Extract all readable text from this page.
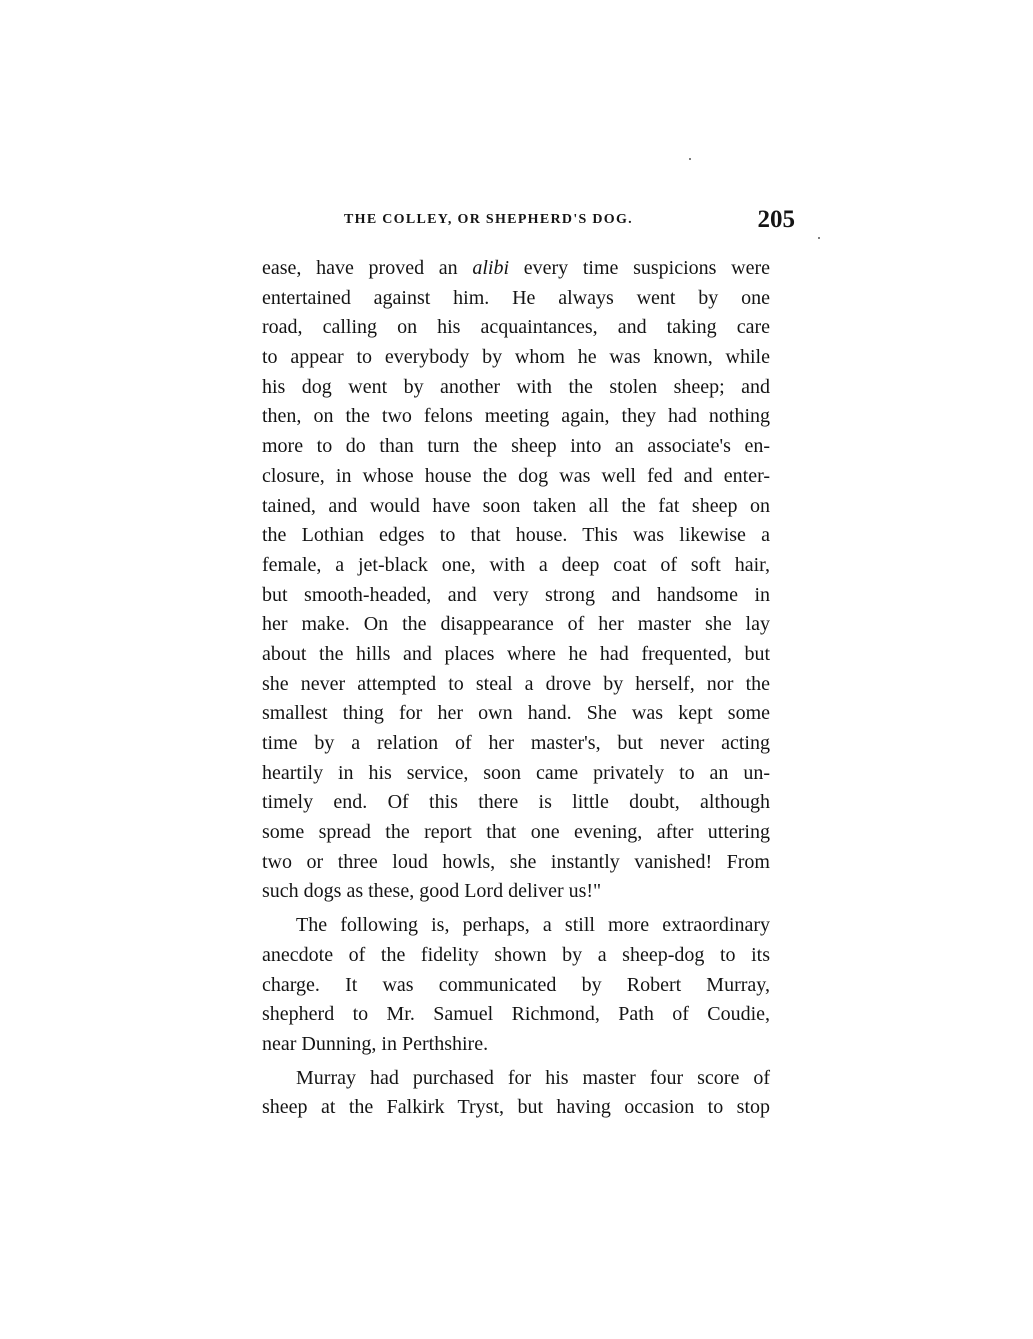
THE COLLEY, OR SHEPHERD'S DOG.	205
ease, have proved an alibi every time suspicions were
entertained against him. He always went by one
road, calling on his acquaintances, and taking care
to appear to everybody by whom he was known, while
his dog went by another with the stolen sheep; and
then, on the two felons meeting again, they had nothing
more to do than turn the sheep into an associate's en-
closure, in whose house the dog was well fed and enter-
tained, and would have soon taken all the fat sheep on
the Lothian edges to that house. This was likewise a
female, a jet-black one, with a deep coat of soft hair,
but smooth-headed, and very strong and handsome in
her make. On the disappearance of her master she lay
about the hills and places where he had frequented, but
she never attempted to steal a drove by herself, nor the
smallest thing for her own hand. She was kept some
time by a relation of her master's, but never acting
heartily in his service, soon came privately to an un-
timely end. Of this there is little doubt, although
some spread the report that one evening, after uttering
two or three loud howls, she instantly vanished! From
such dogs as these, good Lord deliver us!"
The following is, perhaps, a still more extraordinary
anecdote of the fidelity shown by a sheep-dog to its
charge. It was communicated by Robert Murray,
shepherd to Mr. Samuel Richmond, Path of Coudie,
near Dunning, in Perthshire.
Murray had purchased for his master four score of
sheep at the Falkirk Tryst, but having occasion to stop
